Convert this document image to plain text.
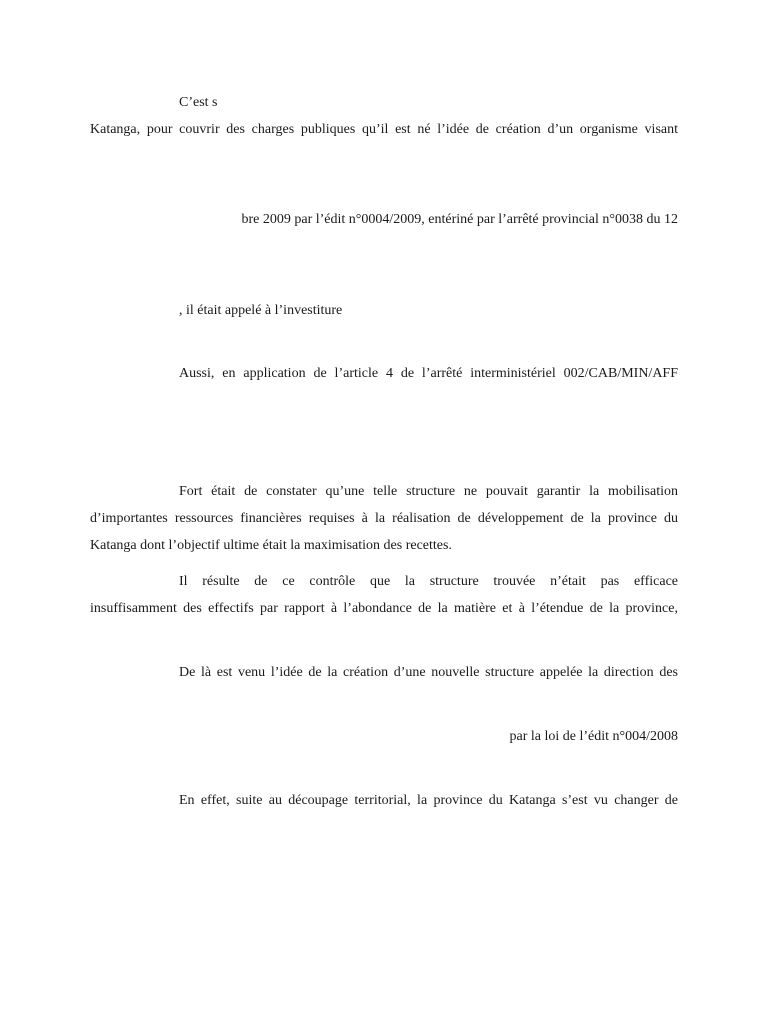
C’est s
Katanga, pour couvrir des charges publiques qu’il est né l’idée de création d’un organisme visant
bre 2009 par l’édit n°0004/2009, entériné par l’arrêté provincial n°0038 du 12
, il était appelé à l’investiture
Aussi, en application de l’article 4 de l’arrêté interministériel 002/CAB/MIN/AFF
Fort était de constater qu’une telle structure ne pouvait garantir la mobilisation
d’importantes ressources financières requises à la réalisation de développement de la province du
Katanga dont l’objectif ultime était la maximisation des recettes.
Il résulte de ce contrôle que la structure trouvée n’était pas efficace
insuffisamment des effectifs par rapport à l’abondance de la matière et à l’étendue de la province,
De là est venu l’idée de la création d’une nouvelle structure appelée la direction des
par la loi de l’édit n°004/2008
En effet, suite au découpage territorial, la province du Katanga s’est vu changer de
